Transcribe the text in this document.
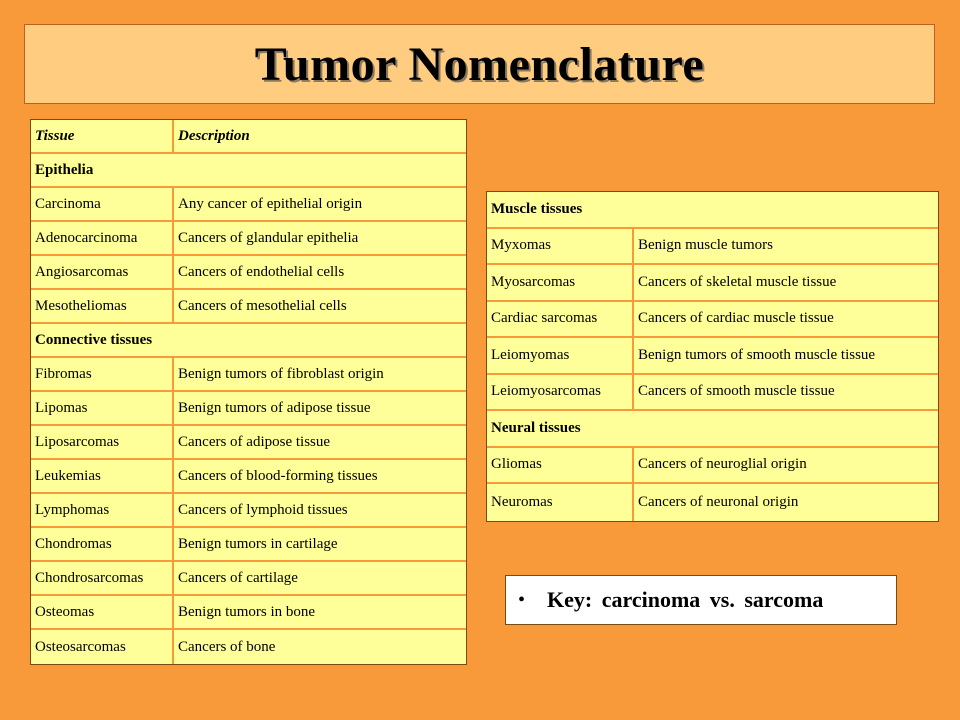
Tumor Nomenclature
Tissue	Description
Epithelia	
Carcinoma	Any cancer of epithelial origin
Adenocarcinoma	Cancers of glandular epithelia
Angiosarcomas	Cancers of endothelial cells
Mesotheliomas	Cancers of mesothelial cells
Connective tissues	
Fibromas	Benign tumors of fibroblast origin
Lipomas	Benign tumors of adipose tissue
Liposarcomas	Cancers of adipose tissue
Leukemias	Cancers of blood-forming tissues
Lymphomas	Cancers of lymphoid tissues
Chondromas	Benign tumors in cartilage
Chondrosarcomas	Cancers of cartilage
Osteomas	Benign tumors in bone
Osteosarcomas	Cancers of bone
Muscle tissues	
Myxomas	Benign muscle tumors
Myosarcomas	Cancers of skeletal muscle tissue
Cardiac sarcomas	Cancers of cardiac muscle tissue
Leiomyomas	Benign tumors of smooth muscle tissue
Leiomyosarcomas	Cancers of smooth muscle tissue
Neural tissues	
Gliomas	Cancers of neuroglial origin
Neuromas	Cancers of neuronal origin
• Key: carcinoma vs. sarcoma
